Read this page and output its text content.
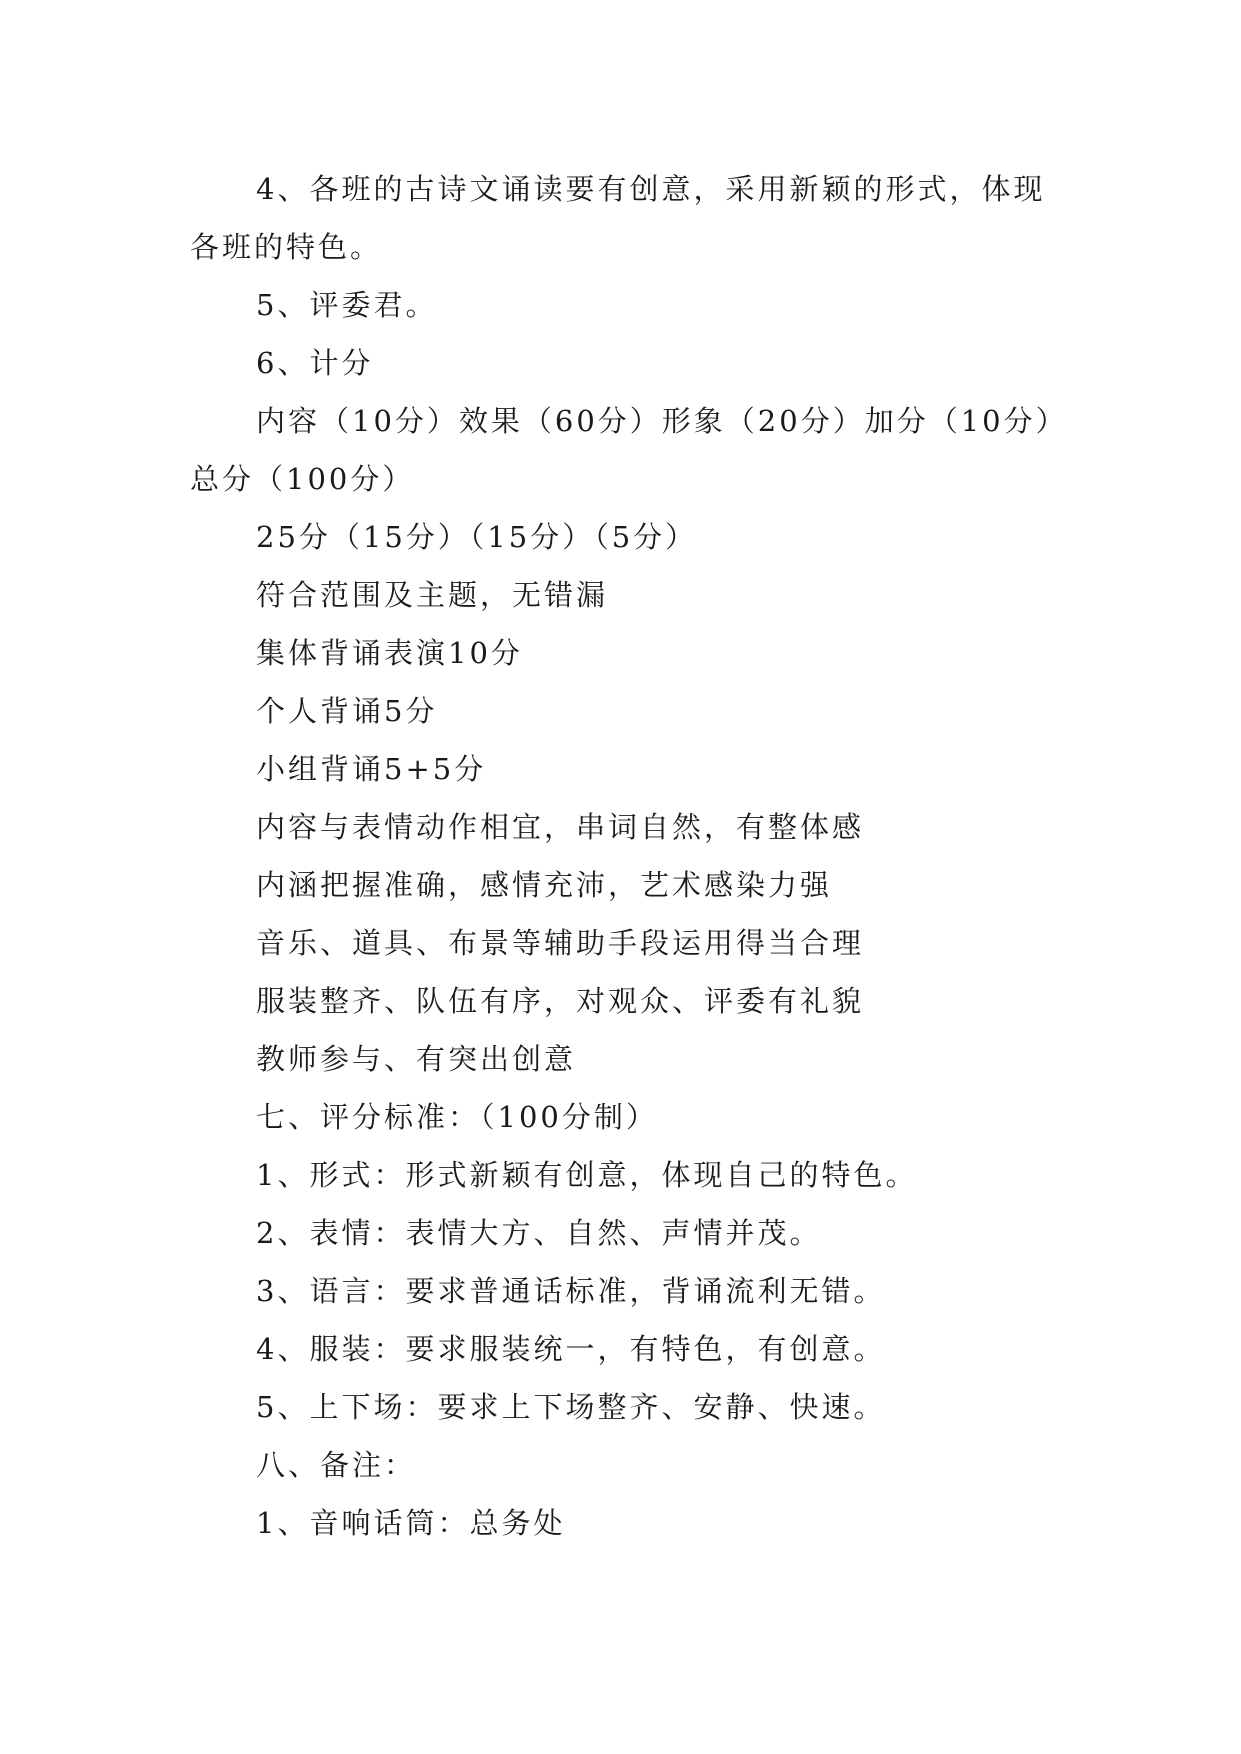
4、各班的古诗文诵读要有创意，采用新颖的形式，体现各班的特色。

5、评委君。

6、计分

内容（10分）效果（60分）形象（20分）加分（10分）总分（100分）

25分（15分）（15分）（5分）

符合范围及主题，无错漏

集体背诵表演10分

个人背诵5分

小组背诵5+5分

内容与表情动作相宜，串词自然，有整体感

内涵把握准确，感情充沛，艺术感染力强

音乐、道具、布景等辅助手段运用得当合理

服装整齐、队伍有序，对观众、评委有礼貌

教师参与、有突出创意

七、评分标准：（100分制）

1、形式：形式新颖有创意，体现自己的特色。

2、表情：表情大方、自然、声情并茂。

3、语言：要求普通话标准，背诵流利无错。

4、服装：要求服装统一，有特色，有创意。

5、上下场：要求上下场整齐、安静、快速。

八、备注：

1、音响话筒：总务处
